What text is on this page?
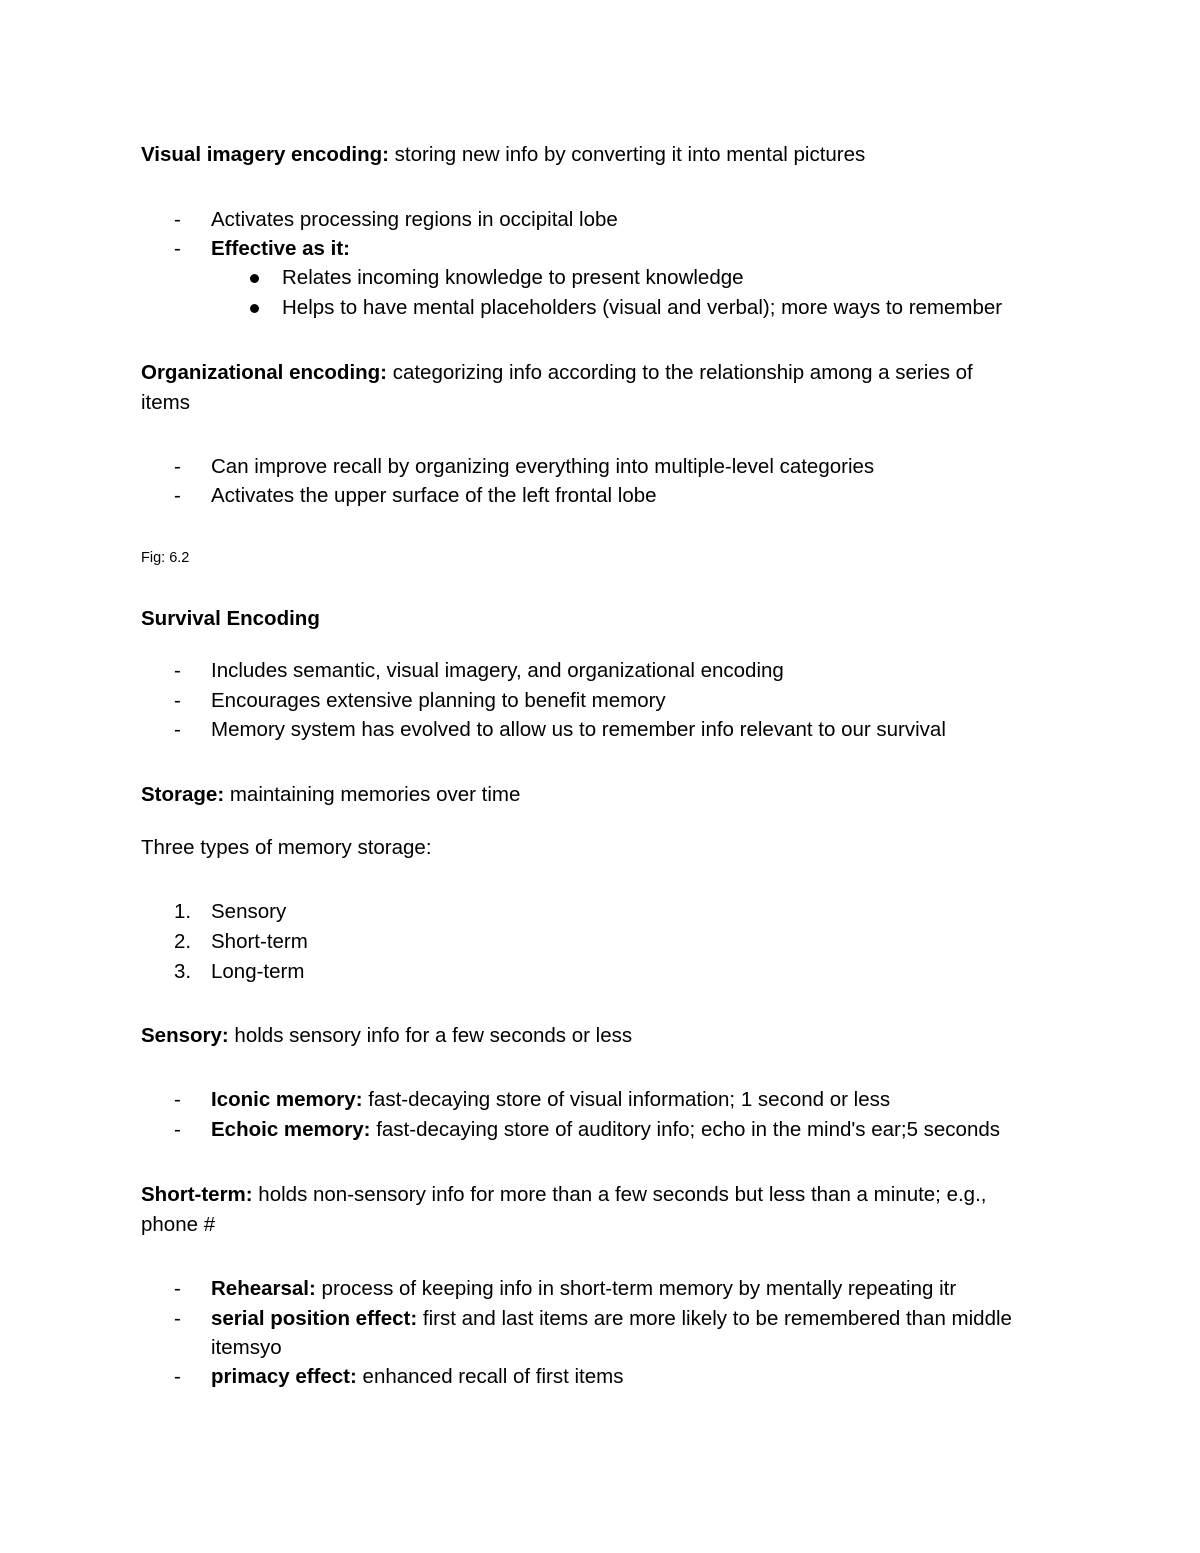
Visual imagery encoding: storing new info by converting it into mental pictures
- Activates processing regions in occipital lobe
- Effective as it:
Relates incoming knowledge to present knowledge
Helps to have mental placeholders (visual and verbal); more ways to remember
Organizational encoding: categorizing info according to the relationship among a series of
items
- Can improve recall by organizing everything into multiple-level categories
- Activates the upper surface of the left frontal lobe
Fig: 6.2
Survival Encoding
- Includes semantic, visual imagery, and organizational encoding
- Encourages extensive planning to benefit memory
- Memory system has evolved to allow us to remember info relevant to our survival
Storage: maintaining memories over time
Three types of memory storage:
1. Sensory
2. Short-term
3. Long-term
Sensory: holds sensory info for a few seconds or less
- Iconic memory: fast-decaying store of visual information; 1 second or less
- Echoic memory: fast-decaying store of auditory info; echo in the mind's ear;5 seconds
Short-term: holds non-sensory info for more than a few seconds but less than a minute; e.g.,
phone #
- Rehearsal: process of keeping info in short-term memory by mentally repeating itr
- serial position effect: first and last items are more likely to be remembered than middle
itemsyo
- primacy effect: enhanced recall of first items
